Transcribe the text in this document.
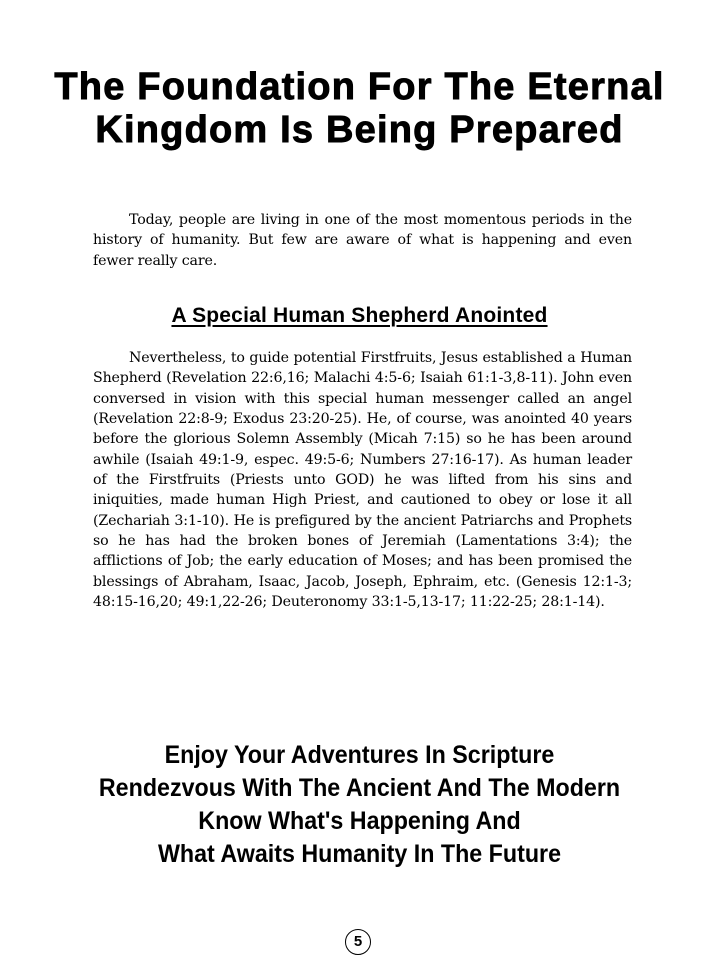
The Foundation For The Eternal
Kingdom Is Being Prepared

Today, people are living in one of the most momentous periods in the history of humanity. But few are aware of what is happening and even fewer really care.

A Special Human Shepherd Anointed

Nevertheless, to guide potential Firstfruits, Jesus established a Human Shepherd (Revelation 22:6,16; Malachi 4:5-6; Isaiah 61:1-3,8-11). John even conversed in vision with this special human messenger called an angel (Revelation 22:8-9; Exodus 23:20-25). He, of course, was anointed 40 years before the glorious Solemn Assembly (Micah 7:15) so he has been around awhile (Isaiah 49:1-9, espec. 49:5-6; Numbers 27:16-17). As human leader of the Firstfruits (Priests unto GOD) he was lifted from his sins and iniquities, made human High Priest, and cautioned to obey or lose it all (Zechariah 3:1-10). He is prefigured by the ancient Patriarchs and Prophets so he has had the broken bones of Jeremiah (Lamentations 3:4); the afflictions of Job; the early education of Moses; and has been promised the blessings of Abraham, Isaac, Jacob, Joseph, Ephraim, etc. (Genesis 12:1-3; 48:15-16,20; 49:1,22-26; Deuteronomy 33:1-5,13-17; 11:22-25; 28:1-14).

Enjoy Your Adventures In Scripture
Rendezvous With The Ancient And The Modern
Know What's Happening And
What Awaits Humanity In The Future
5
